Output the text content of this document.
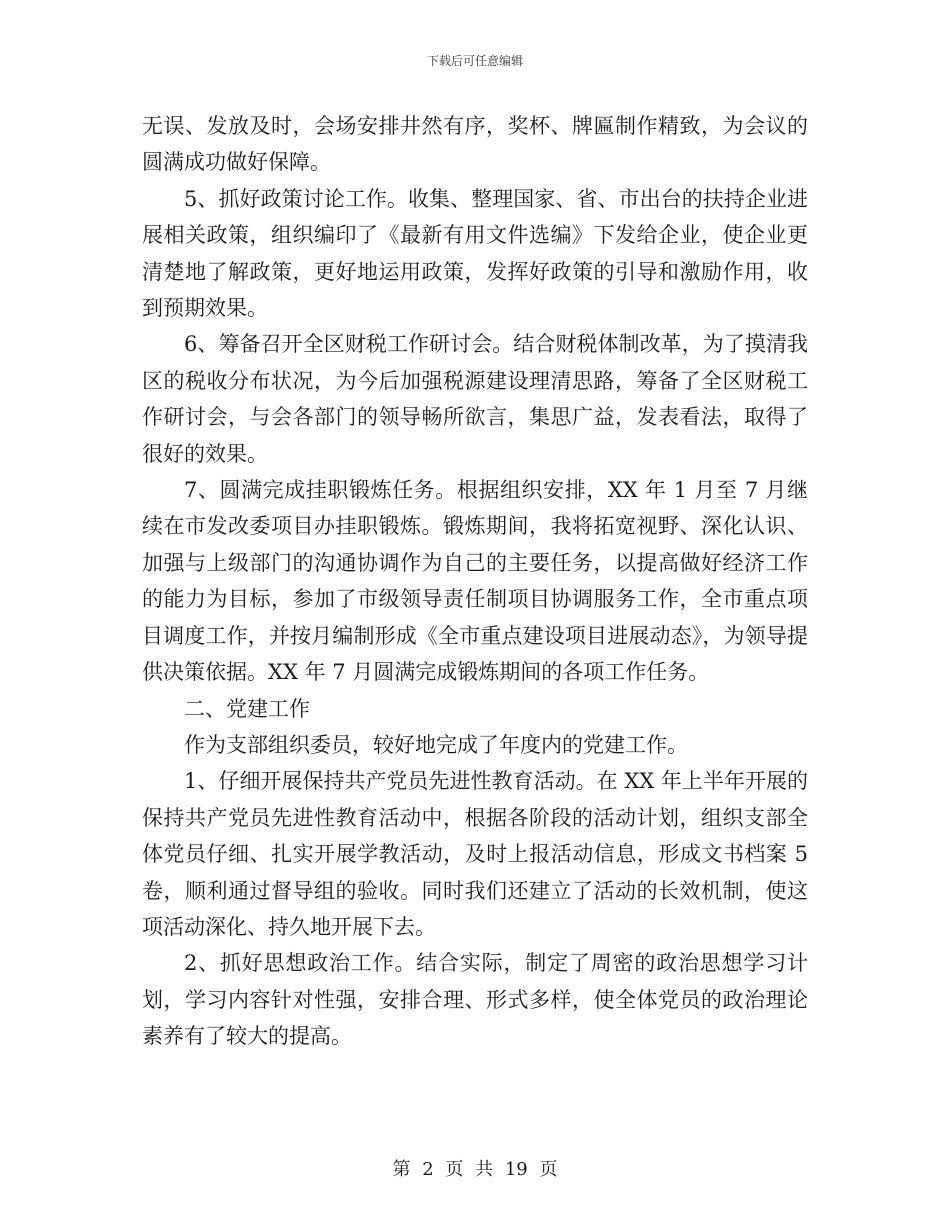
下载后可任意编辑

无误、发放及时，会场安排井然有序，奖杯、牌匾制作精致，为会议的圆满成功做好保障。

5、抓好政策讨论工作。收集、整理国家、省、市出台的扶持企业进展相关政策，组织编印了《最新有用文件选编》下发给企业，使企业更清楚地了解政策，更好地运用政策，发挥好政策的引导和激励作用，收到预期效果。

6、筹备召开全区财税工作研讨会。结合财税体制改革，为了摸清我区的税收分布状况，为今后加强税源建设理清思路，筹备了全区财税工作研讨会，与会各部门的领导畅所欲言，集思广益，发表看法，取得了很好的效果。

7、圆满完成挂职锻炼任务。根据组织安排，XX 年 1 月至 7 月继续在市发改委项目办挂职锻炼。锻炼期间，我将拓宽视野、深化认识、加强与上级部门的沟通协调作为自己的主要任务，以提高做好经济工作的能力为目标，参加了市级领导责任制项目协调服务工作，全市重点项目调度工作，并按月编制形成《全市重点建设项目进展动态》，为领导提供决策依据。XX 年 7 月圆满完成锻炼期间的各项工作任务。

二、党建工作

作为支部组织委员，较好地完成了年度内的党建工作。

1、仔细开展保持共产党员先进性教育活动。在 XX 年上半年开展的保持共产党员先进性教育活动中，根据各阶段的活动计划，组织支部全体党员仔细、扎实开展学教活动，及时上报活动信息，形成文书档案 5 卷，顺利通过督导组的验收。同时我们还建立了活动的长效机制，使这项活动深化、持久地开展下去。

2、抓好思想政治工作。结合实际，制定了周密的政治思想学习计划，学习内容针对性强，安排合理、形式多样，使全体党员的政治理论素养有了较大的提高。

第 2 页 共 19 页
